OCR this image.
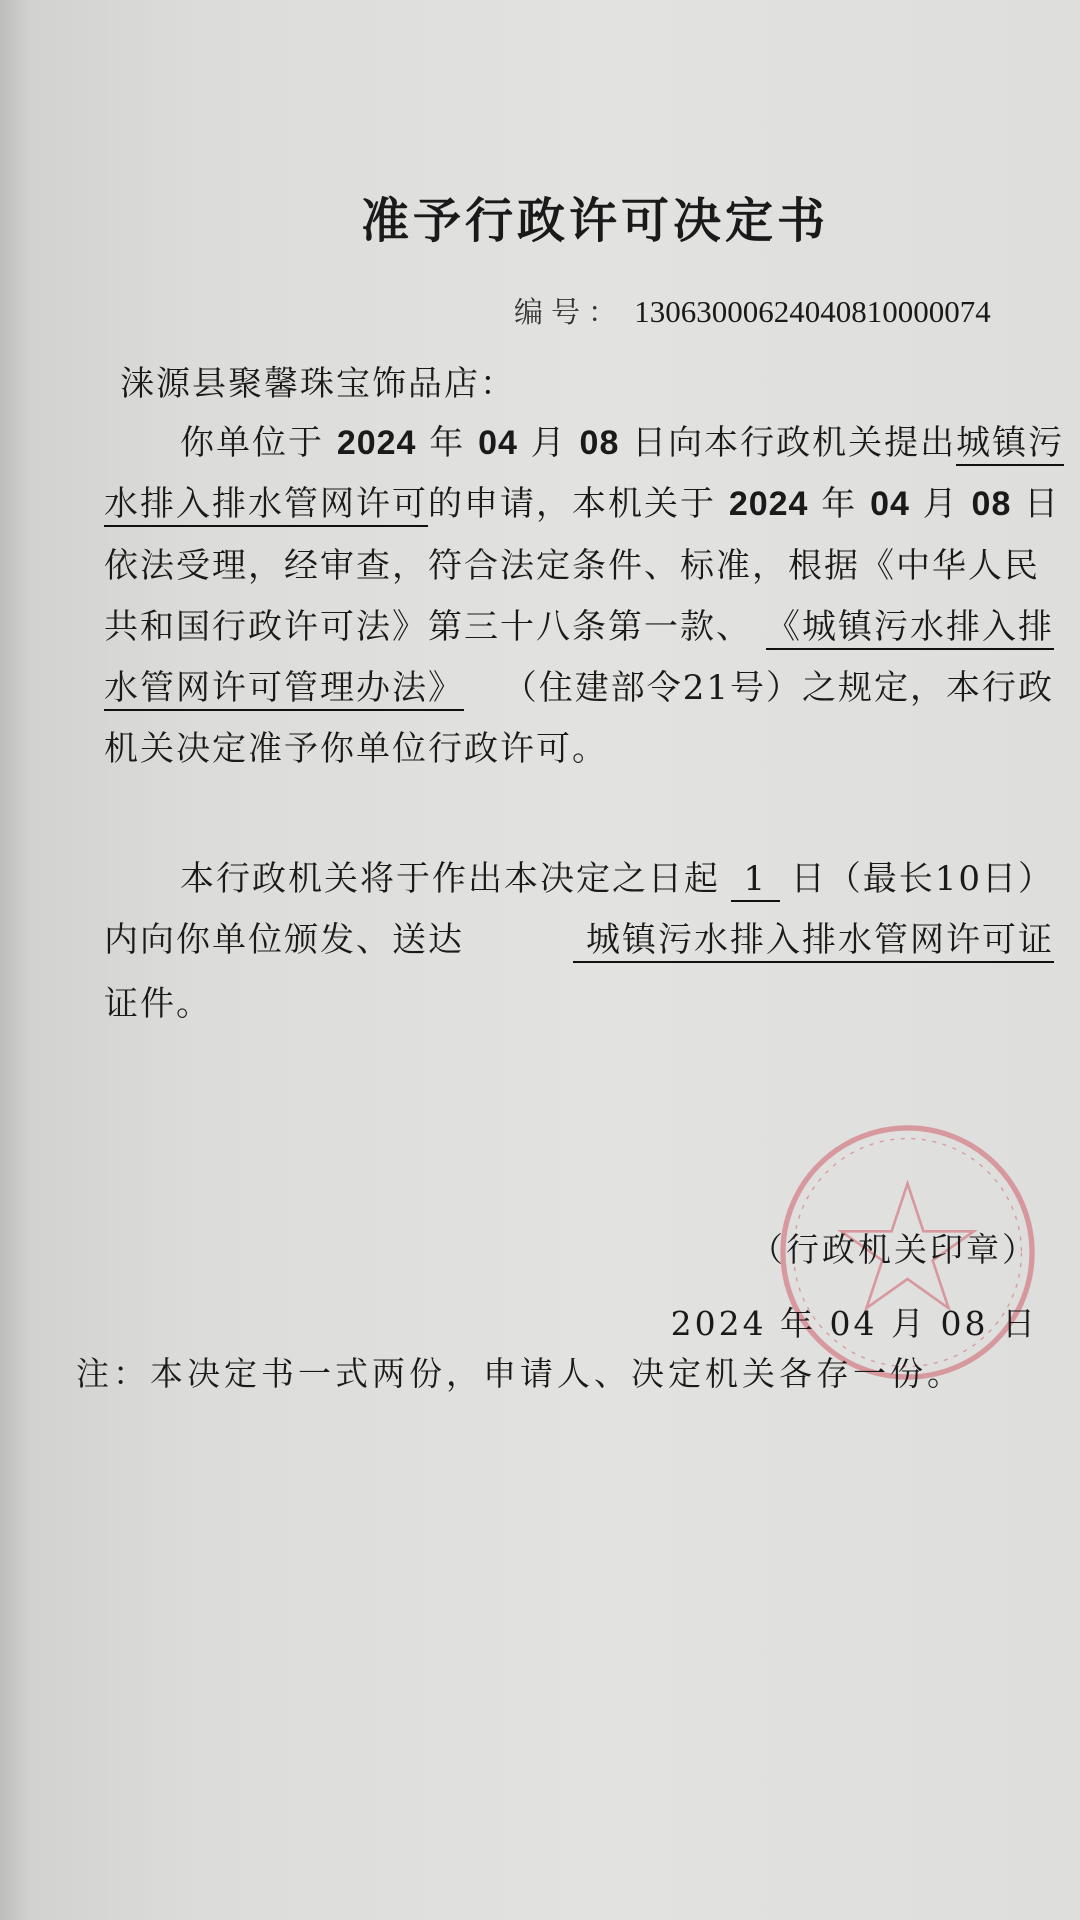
准予行政许可决定书
编号： 13063000624040810000074
涞源县聚馨珠宝饰品店：
你单位于 2024 年 04 月 08 日向本行政机关提出 城镇污
水排入排水管网许可 的申请，本机关于 2024 年 04 月 08 日
依法受理，经审查，符合法定条件、标准，根据《中华人民
共和国行政许可法》第三十八条第一款、 《城镇污水排入排
水管网许可管理办法》 （住建部令21号）之规定，本行政
机关决定准予你单位行政许可。
本行政机关将于作出本决定之日起 1 日（最长10日）
内向你单位颁发、送达	城镇污水排入排水管网许可证
证件。
（行政机关印章）
2024 年 04 月 08 日
注：本决定书一式两份，申请人、决定机关各存一份。
